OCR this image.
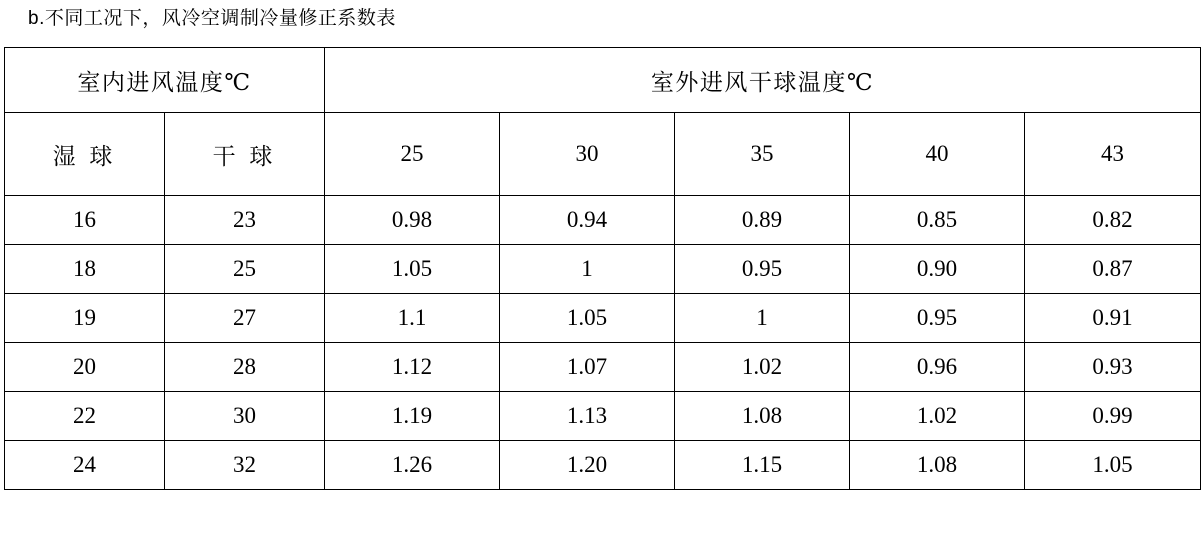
b.不同工况下，风冷空调制冷量修正系数表
室内进风温度℃		室外进风干球温度℃				
湿 球	干 球	25	30	35	40	43
16	23	0.98	0.94	0.89	0.85	0.82
18	25	1.05	1	0.95	0.90	0.87
19	27	1.1	1.05	1	0.95	0.91
20	28	1.12	1.07	1.02	0.96	0.93
22	30	1.19	1.13	1.08	1.02	0.99
24	32	1.26	1.20	1.15	1.08	1.05
